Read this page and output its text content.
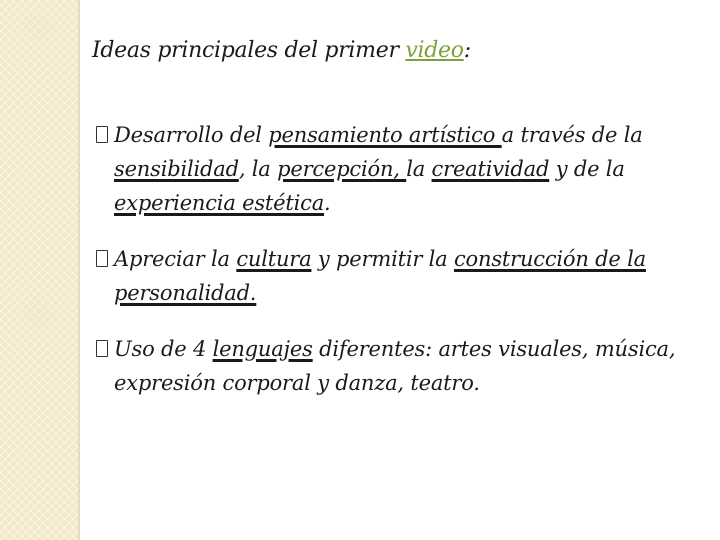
Ideas principales del primer video:
Desarrollo del pensamiento artístico a través de la sensibilidad, la percepción, la creatividad y de la experiencia estética.
Apreciar la cultura y permitir la construcción de la personalidad.
Uso de 4 lenguajes diferentes: artes visuales, música, expresión corporal y danza, teatro.
